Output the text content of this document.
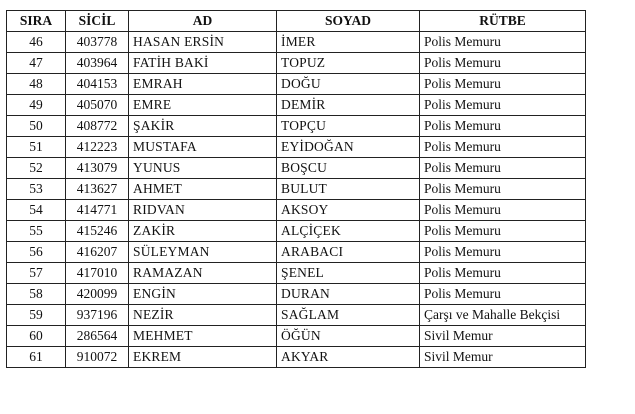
SIRA	SİCİL	AD	SOYAD	RÜTBE
46	403778	HASAN ERSİN	İMER	Polis Memuru
47	403964	FATİH BAKİ	TOPUZ	Polis Memuru
48	404153	EMRAH	DOĞU	Polis Memuru
49	405070	EMRE	DEMİR	Polis Memuru
50	408772	ŞAKİR	TOPÇU	Polis Memuru
51	412223	MUSTAFA	EYİDOĞAN	Polis Memuru
52	413079	YUNUS	BOŞCU	Polis Memuru
53	413627	AHMET	BULUT	Polis Memuru
54	414771	RIDVAN	AKSOY	Polis Memuru
55	415246	ZAKİR	ALÇİÇEK	Polis Memuru
56	416207	SÜLEYMAN	ARABACI	Polis Memuru
57	417010	RAMAZAN	ŞENEL	Polis Memuru
58	420099	ENGİN	DURAN	Polis Memuru
59	937196	NEZİR	SAĞLAM	Çarşı ve Mahalle Bekçisi
60	286564	MEHMET	ÖĞÜN	Sivil Memur
61	910072	EKREM	AKYAR	Sivil Memur
